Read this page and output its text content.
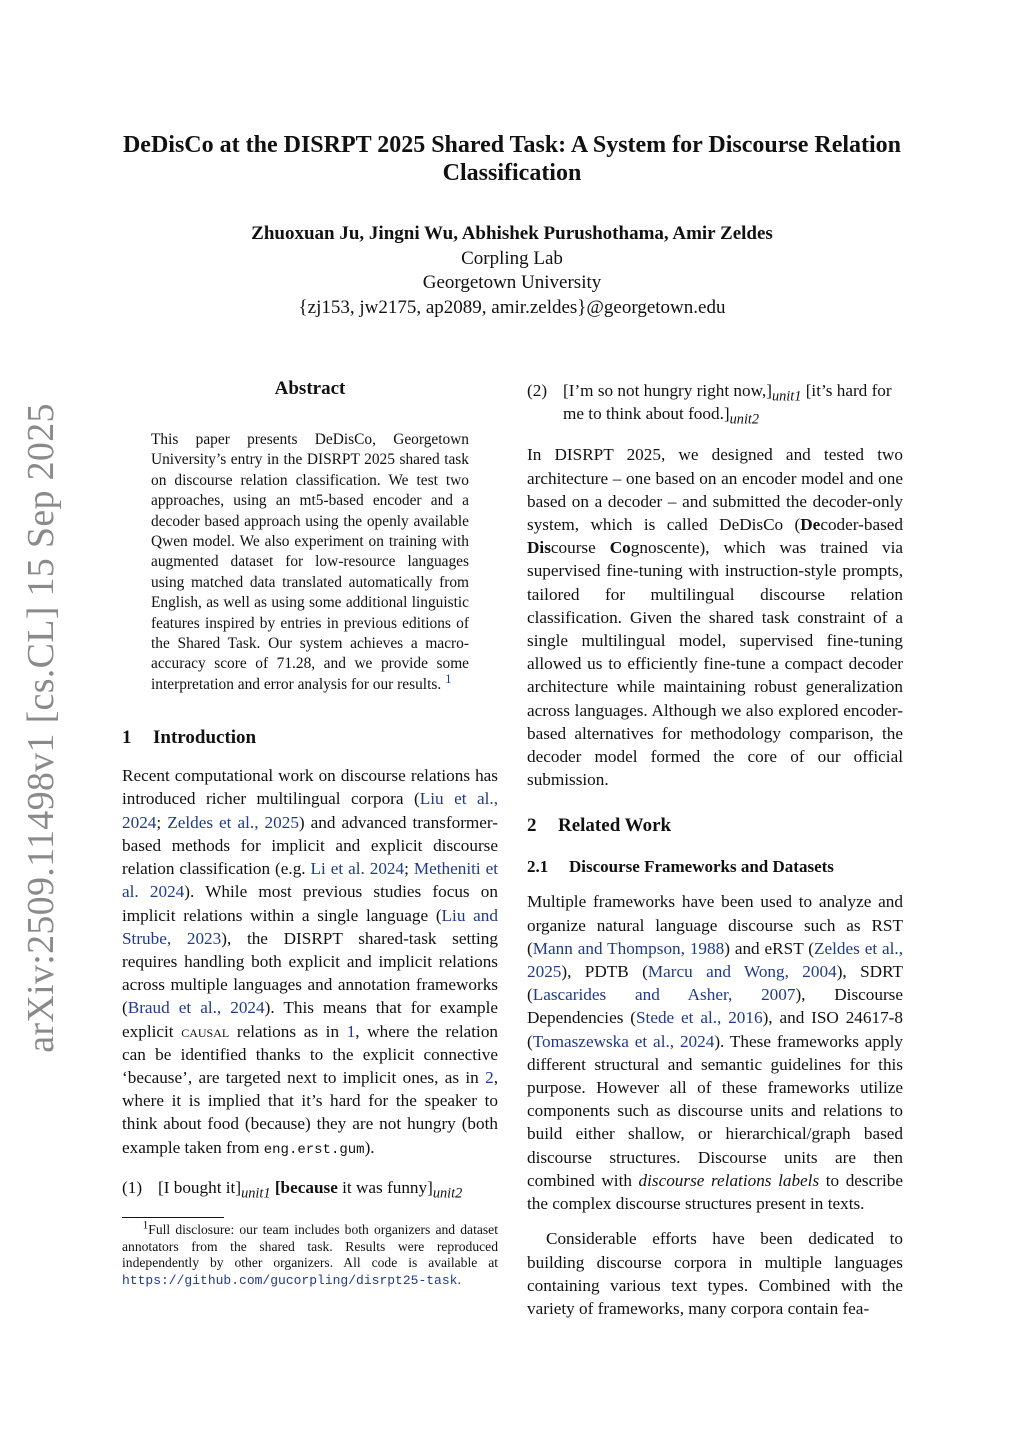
arXiv:2509.11498v1 [cs.CL] 15 Sep 2025
DeDisCo at the DISRPT 2025 Shared Task: A System for Discourse Relation Classification
Zhuoxuan Ju, Jingni Wu, Abhishek Purushothama, Amir Zeldes
Corpling Lab
Georgetown University
{zj153, jw2175, ap2089, amir.zeldes}@georgetown.edu
Abstract
This paper presents DeDisCo, Georgetown University’s entry in the DISRPT 2025 shared task on discourse relation classification. We test two approaches, using an mt5-based encoder and a decoder based approach using the openly available Qwen model. We also experiment on training with augmented dataset for low-resource languages using matched data translated automatically from English, as well as using some additional linguistic features inspired by entries in previous editions of the Shared Task. Our system achieves a macro-accuracy score of 71.28, and we provide some interpretation and error analysis for our results. $^1$
1	Introduction

Recent computational work on discourse relations has introduced richer multilingual corpora (Liu et al., 2024; Zeldes et al., 2025) and advanced transformer-based methods for implicit and explicit discourse relation classification (e.g. Li et al. 2024; Metheniti et al. 2024). While most previous studies focus on implicit relations within a single language (Liu and Strube, 2023), the DISRPT shared-task setting requires handling both explicit and implicit relations across multiple languages and annotation frameworks (Braud et al., 2024). This means that for example explicit causal relations as in 1, where the relation can be identified thanks to the explicit connective ‘because’, are targeted next to implicit ones, as in 2, where it is implied that it’s hard for the speaker to think about food (because) they are not hungry (both example taken from eng.erst.gum).

(1) [I bought $it]_{unit1}$ [because it was $funny]_{unit2}$

$^1$Full disclosure: our team includes both organizers and dataset annotators from the shared task. Results were reproduced independently by other organizers. All code is available at https://github.com/gucorpling/disrpt25-task.

(2) [I’m so not hungry right $now,]_{unit1}$ [it’s hard for me to think about $food.]_{unit2}$

In DISRPT 2025, we designed and tested two architecture – one based on an encoder model and one based on a decoder – and submitted the decoder-only system, which is called DeDisCo (Decoder-based Discourse Cognoscente), which was trained via supervised fine-tuning with instruction-style prompts, tailored for multilingual discourse relation classification. Given the shared task constraint of a single multilingual model, supervised fine-tuning allowed us to efficiently fine-tune a compact decoder architecture while maintaining robust generalization across languages. Although we also explored encoder-based alternatives for methodology comparison, the decoder model formed the core of our official submission.

2	Related Work
2.1	Discourse Frameworks and Datasets

Multiple frameworks have been used to analyze and organize natural language discourse such as RST (Mann and Thompson, 1988) and eRST (Zeldes et al., 2025), PDTB (Marcu and Wong, 2004), SDRT (Lascarides and Asher, 2007), Discourse Dependencies (Stede et al., 2016), and ISO 24617-8 (Tomaszewska et al., 2024). These frameworks apply different structural and semantic guidelines for this purpose. However all of these frameworks utilize components such as discourse units and relations to build either shallow, or hierarchical/graph based discourse structures. Discourse units are then combined with discourse relations labels to describe the complex discourse structures present in texts.

Considerable efforts have been dedicated to building discourse corpora in multiple languages containing various text types. Combined with the variety of frameworks, many corpora contain fea-
